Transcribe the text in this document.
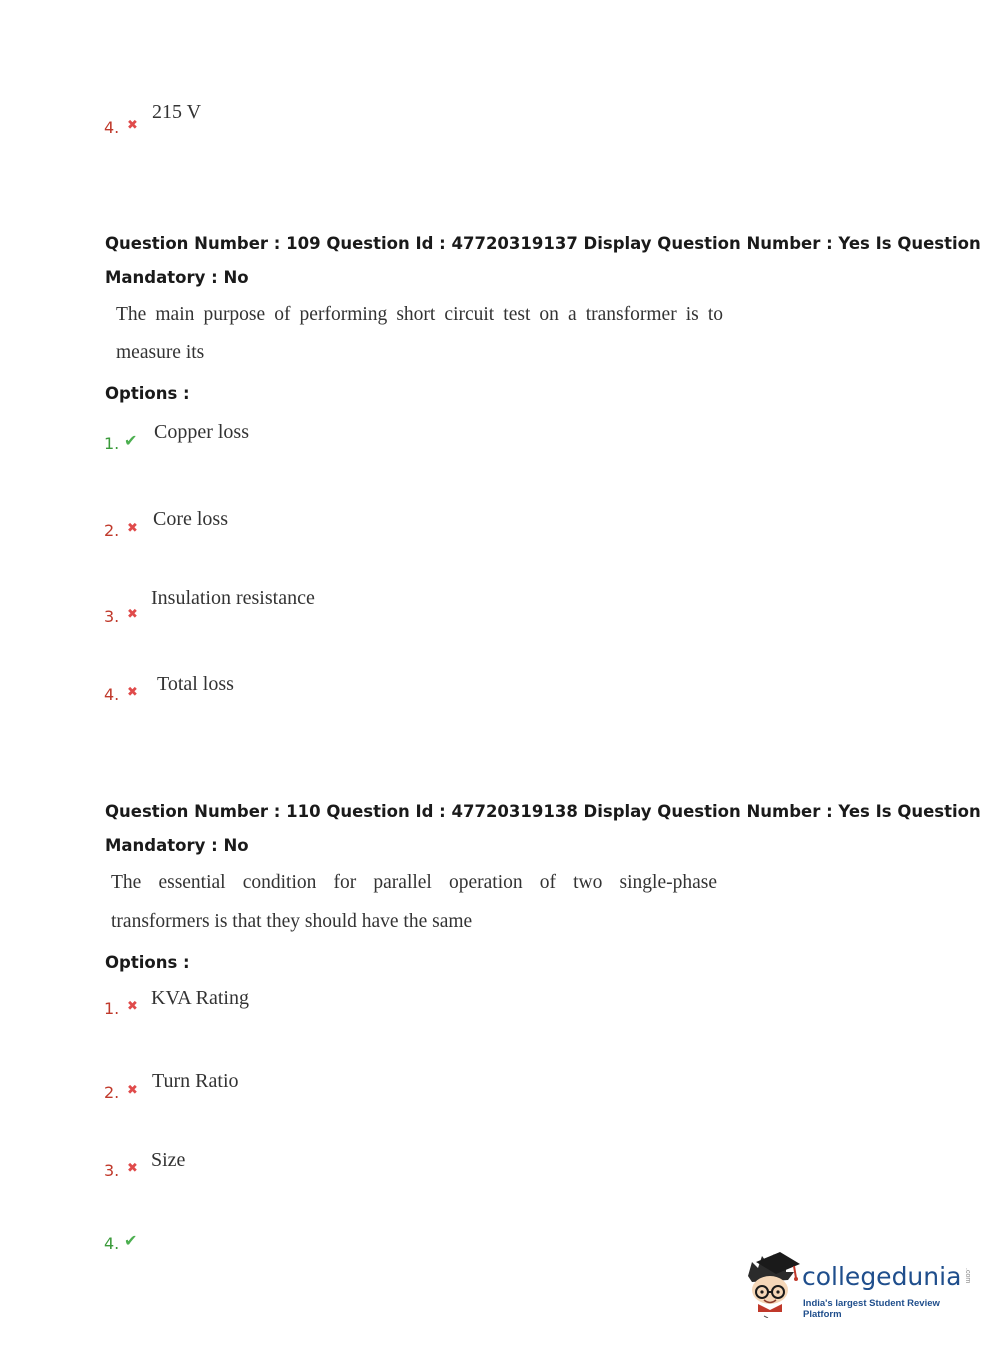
4. ✖
215 V
Question Number : 109 Question Id : 47720319137 Display Question Number : Yes Is Question
Mandatory : No
The main purpose of performing short circuit test on a transformer is to
measure its
Options :
1. ✔ Copper loss
2. ✖ Core loss
3. ✖
Insulation resistance
4. ✖ Total loss
Question Number : 110 Question Id : 47720319138 Display Question Number : Yes Is Question
Mandatory : No
The essential condition for parallel operation of two single-phase
transformers is that they should have the same
Options :
1. ✖ KVA Rating
2. ✖ Turn Ratio
3. ✖ Size
4. ✔
collegedunia .com
India's largest Student Review Platform
